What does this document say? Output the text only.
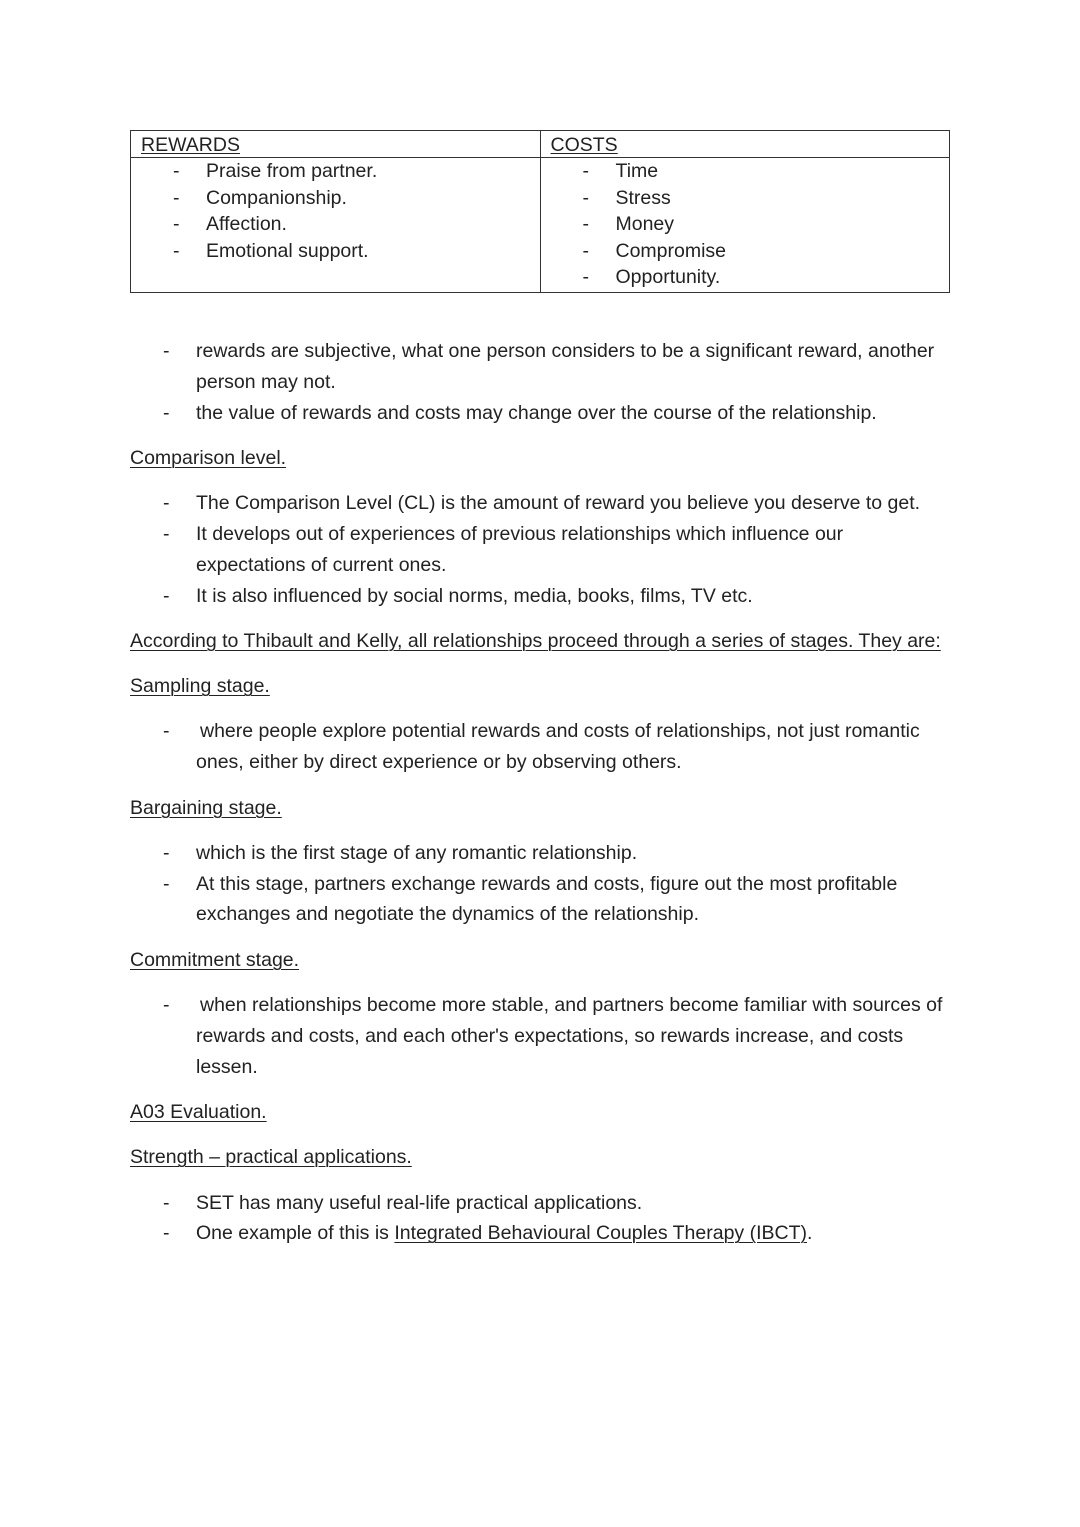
REWARDS
- Praise from partner.
- Companionship.
- Affection.
- Emotional support.
COSTS
- Time
- Stress
- Money
- Compromise
- Opportunity.
- rewards are subjective, what one person considers to be a significant reward, another person may not.
- the value of rewards and costs may change over the course of the relationship.
Comparison level.
- The Comparison Level (CL) is the amount of reward you believe you deserve to get.
- It develops out of experiences of previous relationships which influence our expectations of current ones.
- It is also influenced by social norms, media, books, films, TV etc.
According to Thibault and Kelly, all relationships proceed through a series of stages. They are:
Sampling stage.
- where people explore potential rewards and costs of relationships, not just romantic ones, either by direct experience or by observing others.
Bargaining stage.
- which is the first stage of any romantic relationship.
- At this stage, partners exchange rewards and costs, figure out the most profitable exchanges and negotiate the dynamics of the relationship.
Commitment stage.
- when relationships become more stable, and partners become familiar with sources of rewards and costs, and each other's expectations, so rewards increase, and costs lessen.
A03 Evaluation.
Strength – practical applications.
- SET has many useful real-life practical applications.
- One example of this is Integrated Behavioural Couples Therapy (IBCT).
